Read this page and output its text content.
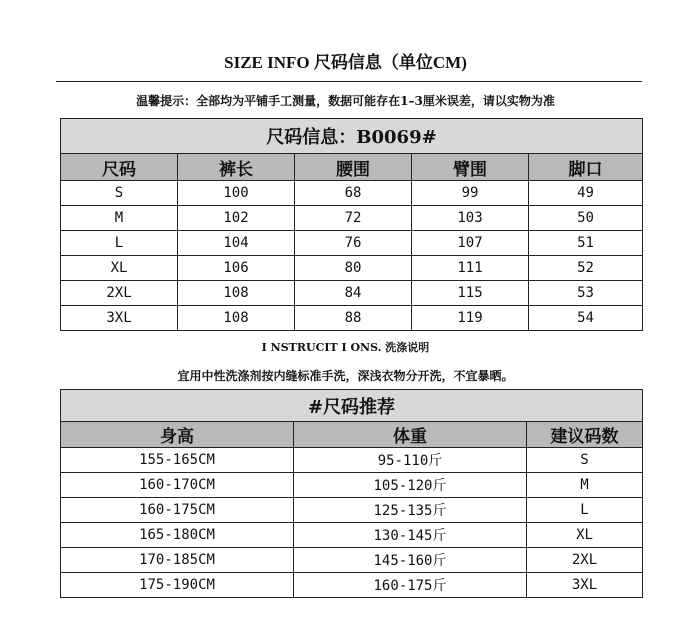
SIZE INFO 尺码信息（单位CM)
温馨提示：全部均为平铺手工测量，数据可能存在1–3厘米误差，请以实物为准
尺码信息：B0069#				
尺码	裤长	腰围	臂围	脚口
S	100	68	99	49
M	102	72	103	50
L	104	76	107	51
XL	106	80	111	52
2XL	108	84	115	53
3XL	108	88	119	54
I NSTRUCIT I ONS. 洗涤说明
宜用中性洗涤剂按内缝标准手洗，深浅衣物分开洗，不宜暴晒。
#尺码推荐		
身高	体重	建议码数
155-165CM	95-110斤	S
160-170CM	105-120斤	M
160-175CM	125-135斤	L
165-180CM	130-145斤	XL
170-185CM	145-160斤	2XL
175-190CM	160-175斤	3XL
